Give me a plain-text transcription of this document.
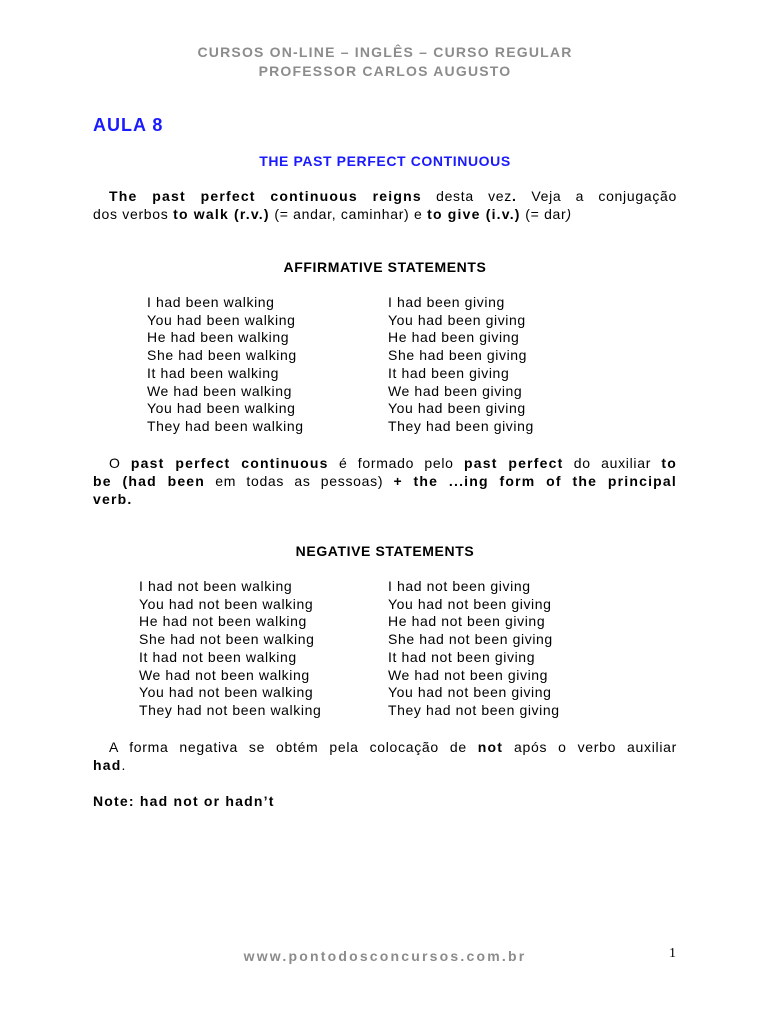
CURSOS ON-LINE – INGLÊS – CURSO REGULAR
PROFESSOR CARLOS AUGUSTO
AULA 8
THE PAST PERFECT CONTINUOUS
The past perfect continuous reigns desta vez. Veja a conjugação
dos verbos to walk (r.v.) (= andar, caminhar) e to give (i.v.) (= dar)
AFFIRMATIVE STATEMENTS
I had been walking
You had been walking
He had been walking
She had been walking
It had been walking
We had been walking
You had been walking
They had been walking
I had been giving
You had been giving
He had been giving
She had been giving
It had been giving
We had been giving
You had been giving
They had been giving
O past perfect continuous é formado pelo past perfect do auxiliar to
be (had been em todas as pessoas) + the ...ing form of the principal
verb.
NEGATIVE STATEMENTS
I had not been walking
You had not been walking
He had not been walking
She had not been walking
It had not been walking
We had not been walking
You had not been walking
They had not been walking
I had not been giving
You had not been giving
He had not been giving
She had not been giving
It had not been giving
We had not been giving
You had not been giving
They had not been giving
A forma negativa se obtém pela colocação de not após o verbo auxiliar
had.
Note: had not or hadn’t
www.pontodosconcursos.com.br	1
